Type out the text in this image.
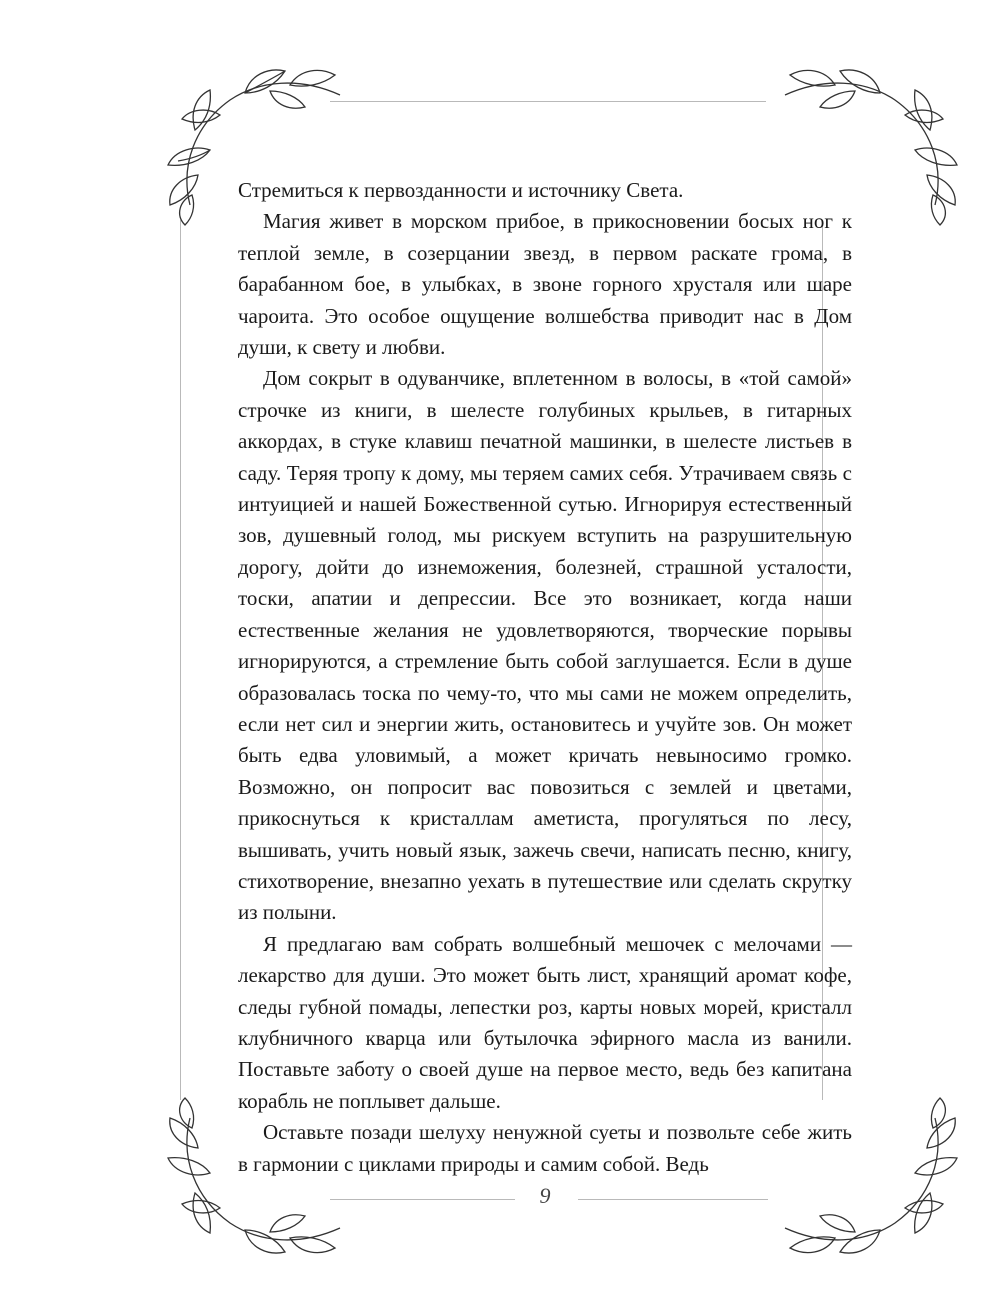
Стремиться к первозданности и источнику Света.

Магия живет в морском прибое, в прикосновении босых ног к теплой земле, в созерцании звезд, в первом раскате грома, в барабанном бое, в улыбках, в звоне горного хрусталя или шаре чароита. Это особое ощущение волшебства приводит нас в Дом души, к свету и любви.

Дом сокрыт в одуванчике, вплетенном в волосы, в «той самой» строчке из книги, в шелесте голубиных крыльев, в гитарных аккордах, в стуке клавиш печатной машинки, в шелесте листьев в саду. Теряя тропу к дому, мы теряем самих себя. Утрачиваем связь с интуицией и нашей Божественной сутью. Игнорируя естественный зов, душевный голод, мы рискуем вступить на разрушительную дорогу, дойти до изнеможения, болезней, страшной усталости, тоски, апатии и депрессии. Все это возникает, когда наши естественные желания не удовлетворяются, творческие порывы игнорируются, а стремление быть собой заглушается. Если в душе образовалась тоска по чему-то, что мы сами не можем определить, если нет сил и энергии жить, остановитесь и учуйте зов. Он может быть едва уловимый, а может кричать невыносимо громко. Возможно, он попросит вас повозиться с землей и цветами, прикоснуться к кристаллам аметиста, прогуляться по лесу, вышивать, учить новый язык, зажечь свечи, написать песню, книгу, стихотворение, внезапно уехать в путешествие или сделать скрутку из полыни.

Я предлагаю вам собрать волшебный мешочек с мелочами — лекарство для души. Это может быть лист, хранящий аромат кофе, следы губной помады, лепестки роз, карты новых морей, кристалл клубничного кварца или бутылочка эфирного масла из ванили. Поставьте заботу о своей душе на первое место, ведь без капитана корабль не поплывет дальше.

Оставьте позади шелуху ненужной суеты и позвольте себе жить в гармонии с циклами природы и самим собой. Ведь

9
